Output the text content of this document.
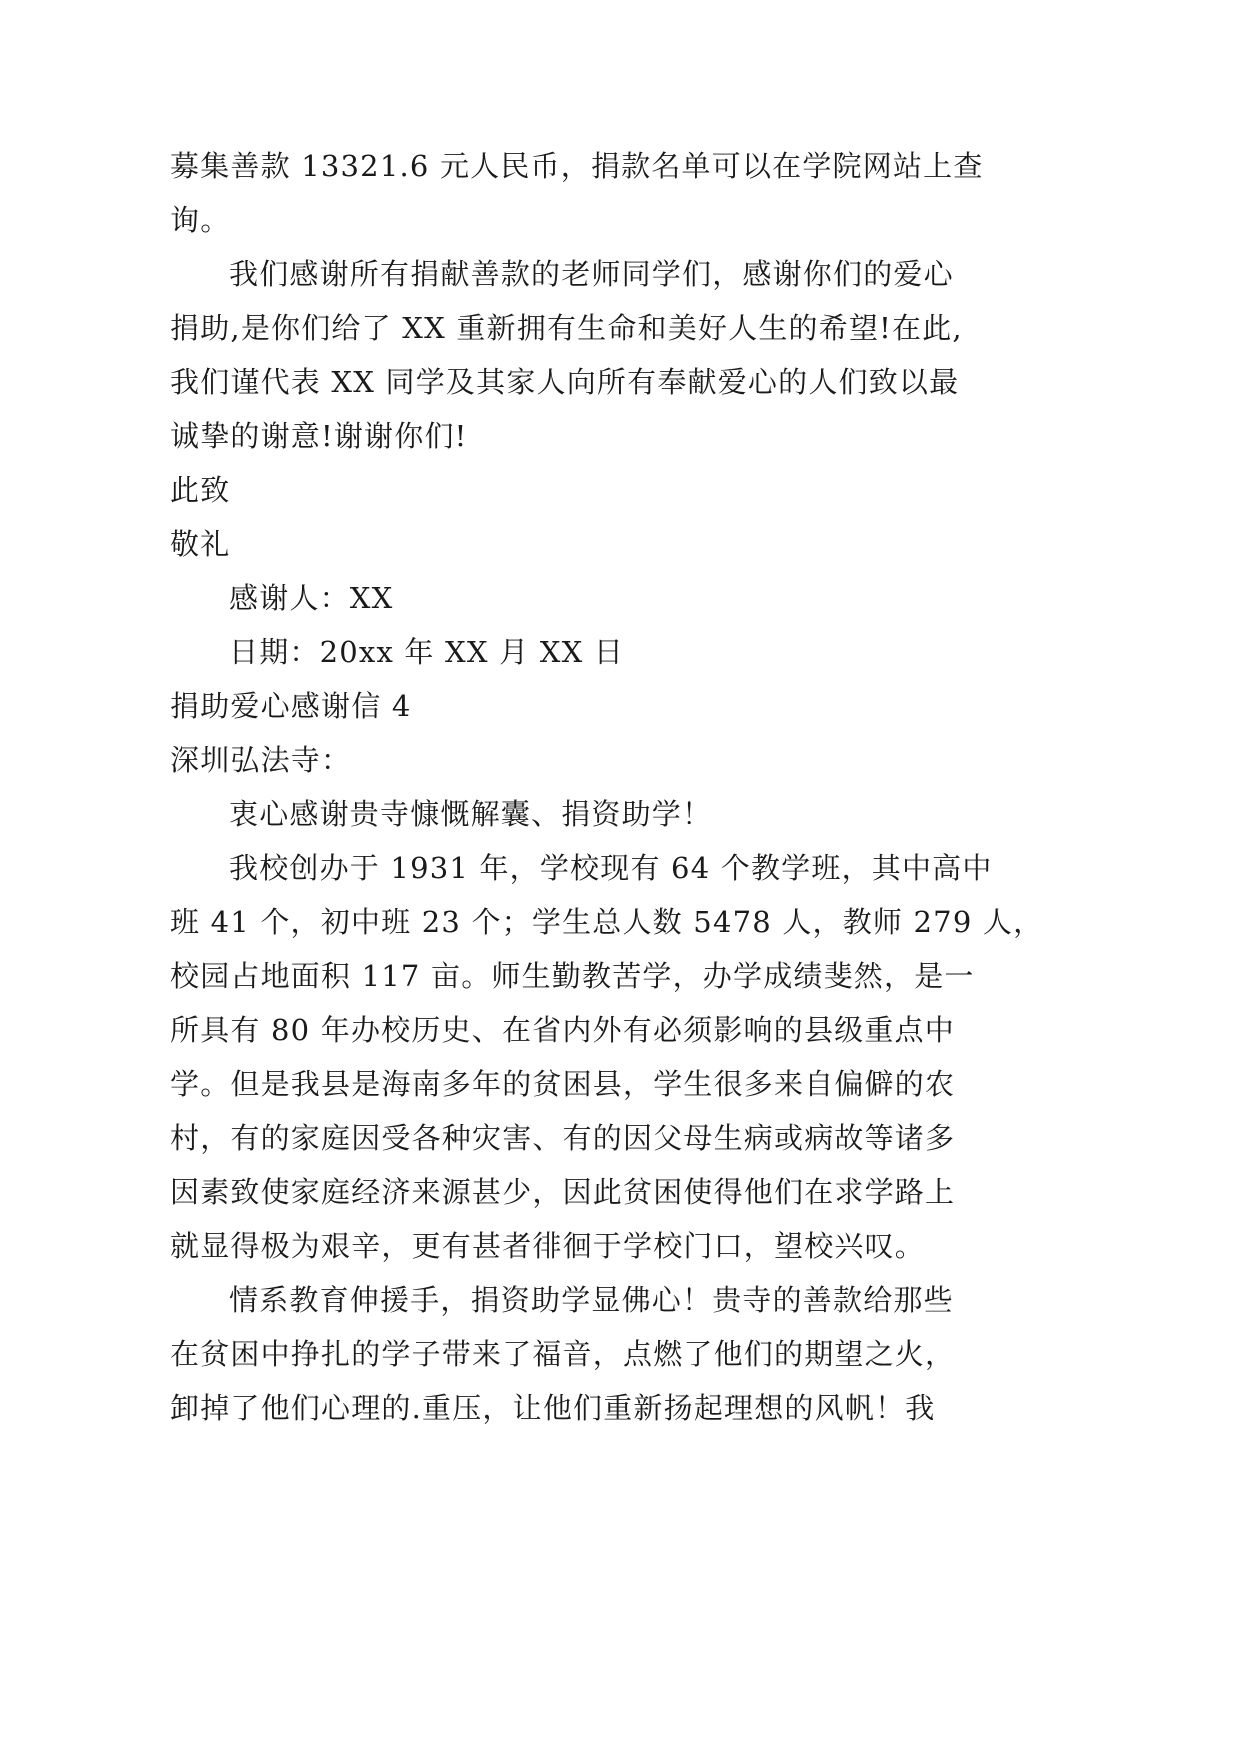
募集善款 13321.6 元人民币，捐款名单可以在学院网站上查
询。
我们感谢所有捐献善款的老师同学们，感谢你们的爱心
捐助,是你们给了 XX 重新拥有生命和美好人生的希望!在此,
我们谨代表 XX 同学及其家人向所有奉献爱心的人们致以最
诚挚的谢意!谢谢你们!
此致
敬礼
感谢人：XX
日期：20xx 年 XX 月 XX 日
捐助爱心感谢信 4
深圳弘法寺：
衷心感谢贵寺慷慨解囊、捐资助学！
我校创办于 1931 年，学校现有 64 个教学班，其中高中
班 41 个，初中班 23 个；学生总人数 5478 人，教师 279 人，
校园占地面积 117 亩。师生勤教苦学，办学成绩斐然，是一
所具有 80 年办校历史、在省内外有必须影响的县级重点中
学。但是我县是海南多年的贫困县，学生很多来自偏僻的农
村，有的家庭因受各种灾害、有的因父母生病或病故等诸多
因素致使家庭经济来源甚少，因此贫困使得他们在求学路上
就显得极为艰辛，更有甚者徘徊于学校门口，望校兴叹。
情系教育伸援手，捐资助学显佛心！贵寺的善款给那些
在贫困中挣扎的学子带来了福音，点燃了他们的期望之火，
卸掉了他们心理的.重压，让他们重新扬起理想的风帆！我
